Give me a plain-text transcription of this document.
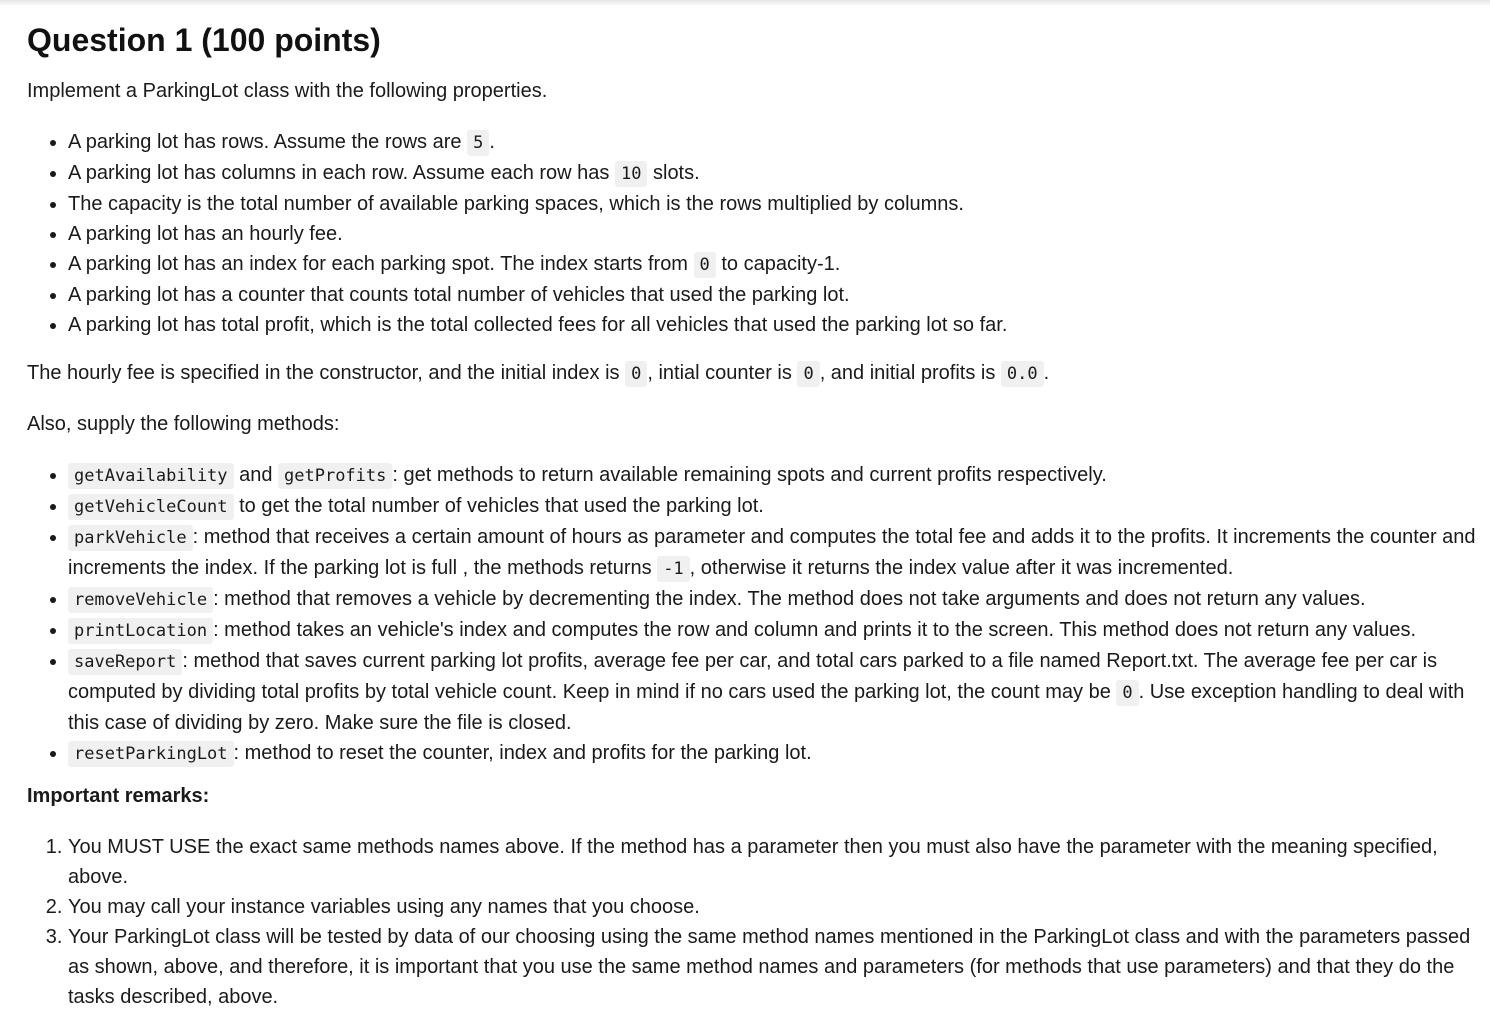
Question 1 (100 points)

Implement a ParkingLot class with the following properties.

• A parking lot has rows. Assume the rows are 5 .
• A parking lot has columns in each row. Assume each row has 10 slots.
• The capacity is the total number of available parking spaces, which is the rows multiplied by columns.
• A parking lot has an hourly fee.
• A parking lot has an index for each parking spot. The index starts from 0 to capacity-1.
• A parking lot has a counter that counts total number of vehicles that used the parking lot.
• A parking lot has total profit, which is the total collected fees for all vehicles that used the parking lot so far.

The hourly fee is specified in the constructor, and the initial index is 0 , intial counter is 0 , and initial profits is 0.0 .

Also, supply the following methods:

• getAvailability and getProfits : get methods to return available remaining spots and current profits respectively.
• getVehicleCount to get the total number of vehicles that used the parking lot.
• parkVehicle : method that receives a certain amount of hours as parameter and computes the total fee and adds it to the profits. It increments the counter and increments the index. If the parking lot is full , the methods returns -1 , otherwise it returns the index value after it was incremented.
• removeVehicle : method that removes a vehicle by decrementing the index. The method does not take arguments and does not return any values.
• printLocation : method takes an vehicle's index and computes the row and column and prints it to the screen. This method does not return any values.
• saveReport : method that saves current parking lot profits, average fee per car, and total cars parked to a file named Report.txt. The average fee per car is computed by dividing total profits by total vehicle count. Keep in mind if no cars used the parking lot, the count may be 0 . Use exception handling to deal with this case of dividing by zero. Make sure the file is closed.
• resetParkingLot : method to reset the counter, index and profits for the parking lot.

Important remarks:

1. You MUST USE the exact same methods names above. If the method has a parameter then you must also have the parameter with the meaning specified, above.
2. You may call your instance variables using any names that you choose.
3. Your ParkingLot class will be tested by data of our choosing using the same method names mentioned in the ParkingLot class and with the parameters passed as shown, above, and therefore, it is important that you use the same method names and parameters (for methods that use parameters) and that they do the tasks described, above.
